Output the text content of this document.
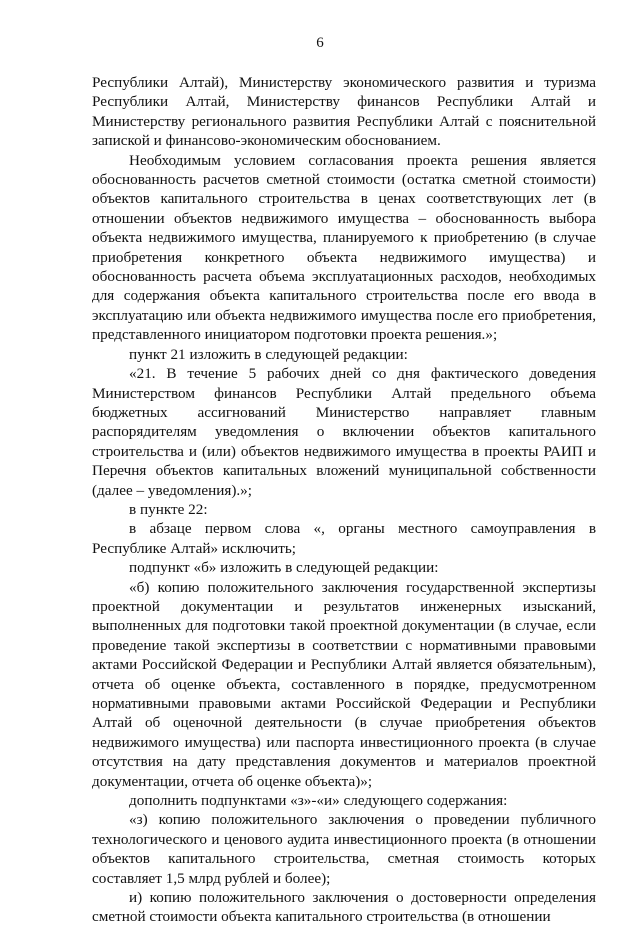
6

Республики Алтай), Министерству экономического развития и туризма Республики Алтай, Министерству финансов Республики Алтай и Министерству регионального развития Республики Алтай с пояснительной запиской и финансово-экономическим обоснованием.

Необходимым условием согласования проекта решения является обоснованность расчетов сметной стоимости (остатка сметной стоимости) объектов капитального строительства в ценах соответствующих лет (в отношении объектов недвижимого имущества – обоснованность выбора объекта недвижимого имущества, планируемого к приобретению (в случае приобретения конкретного объекта недвижимого имущества) и обоснованность расчета объема эксплуатационных расходов, необходимых для содержания объекта капитального строительства после его ввода в эксплуатацию или объекта недвижимого имущества после его приобретения, представленного инициатором подготовки проекта решения.»;

пункт 21 изложить в следующей редакции:

«21. В течение 5 рабочих дней со дня фактического доведения Министерством финансов Республики Алтай предельного объема бюджетных ассигнований Министерство направляет главным распорядителям уведомления о включении объектов капитального строительства и (или) объектов недвижимого имущества в проекты РАИП и Перечня объектов капитальных вложений муниципальной собственности (далее – уведомления).»;

в пункте 22:

в абзаце первом слова «, органы местного самоуправления в Республике Алтай» исключить;

подпункт «б» изложить в следующей редакции:

«б) копию положительного заключения государственной экспертизы проектной документации и результатов инженерных изысканий, выполненных для подготовки такой проектной документации (в случае, если проведение такой экспертизы в соответствии с нормативными правовыми актами Российской Федерации и Республики Алтай является обязательным), отчета об оценке объекта, составленного в порядке, предусмотренном нормативными правовыми актами Российской Федерации и Республики Алтай об оценочной деятельности (в случае приобретения объектов недвижимого имущества) или паспорта инвестиционного проекта (в случае отсутствия на дату представления документов и материалов проектной документации, отчета об оценке объекта)»;

дополнить подпунктами «з»-«и» следующего содержания:

«з) копию положительного заключения о проведении публичного технологического и ценового аудита инвестиционного проекта (в отношении объектов капитального строительства, сметная стоимость которых составляет 1,5 млрд рублей и более);

и) копию положительного заключения о достоверности определения сметной стоимости объекта капитального строительства (в отношении
